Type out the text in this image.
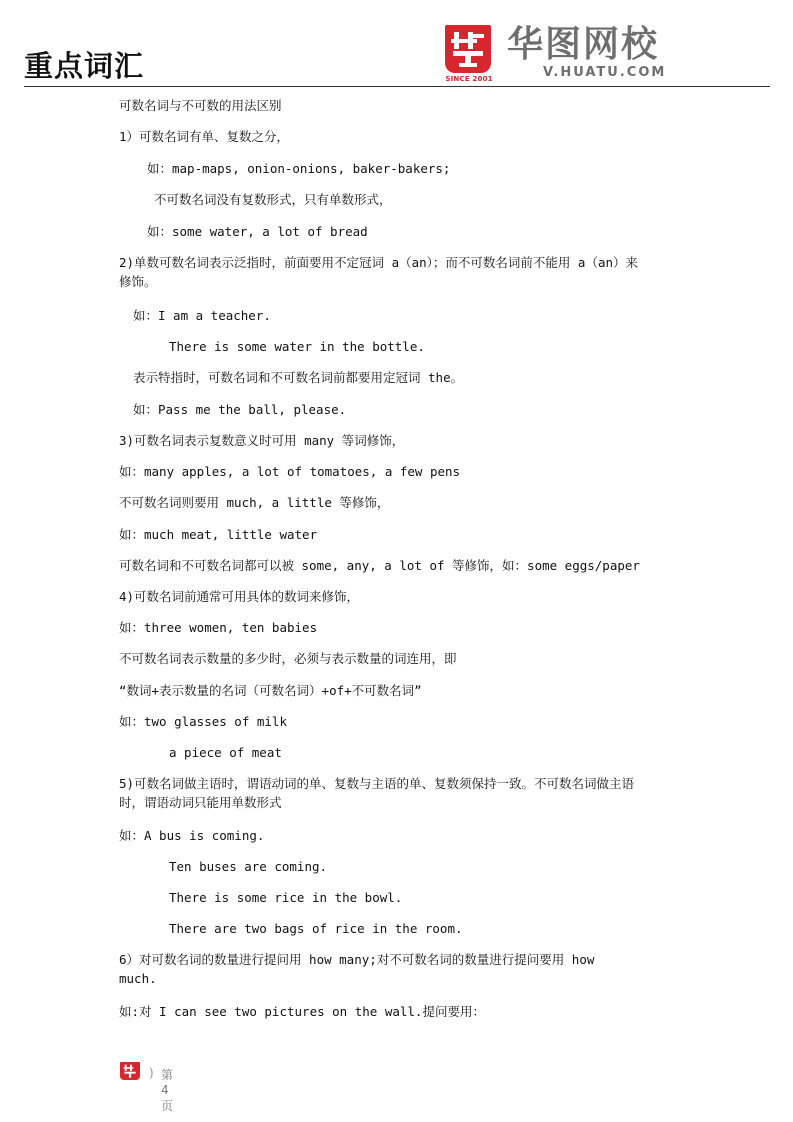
重点词汇	SINCE 2001
华图网校
V.HUATU.COM
可数名词与不可数的用法区别
1）可数名词有单、复数之分，
如：map-maps, onion-onions, baker-bakers;
不可数名词没有复数形式，只有单数形式，
如：some water, a lot of bread
2)单数可数名词表示泛指时，前面要用不定冠词 a（an）；而不可数名词前不能用 a（an）来修饰。
如：I am a teacher.
There is some water in the bottle.
表示特指时，可数名词和不可数名词前都要用定冠词 the。
如：Pass me the ball, please.
3)可数名词表示复数意义时可用 many 等词修饰，
如：many apples, a lot of tomatoes, a few pens
不可数名词则要用 much, a little 等修饰，
如：much meat, little water
可数名词和不可数名词都可以被 some, any, a lot of 等修饰，如：some eggs/paper
4)可数名词前通常可用具体的数词来修饰，
如：three women, ten babies
不可数名词表示数量的多少时，必须与表示数量的词连用，即
“数词+表示数量的名词（可数名词）+of+不可数名词”
如：two glasses of milk
a piece of meat
5)可数名词做主语时，谓语动词的单、复数与主语的单、复数须保持一致。不可数名词做主语时，谓语动词只能用单数形式
如：A bus is coming.
Ten buses are coming.
There is some rice in the bowl.
There are two bags of rice in the room.
6）对可数名词的数量进行提问用 how many;对不可数名词的数量进行提问要用 how much.
如:对 I can see two pictures on the wall.提问要用：
) 第 4 页
